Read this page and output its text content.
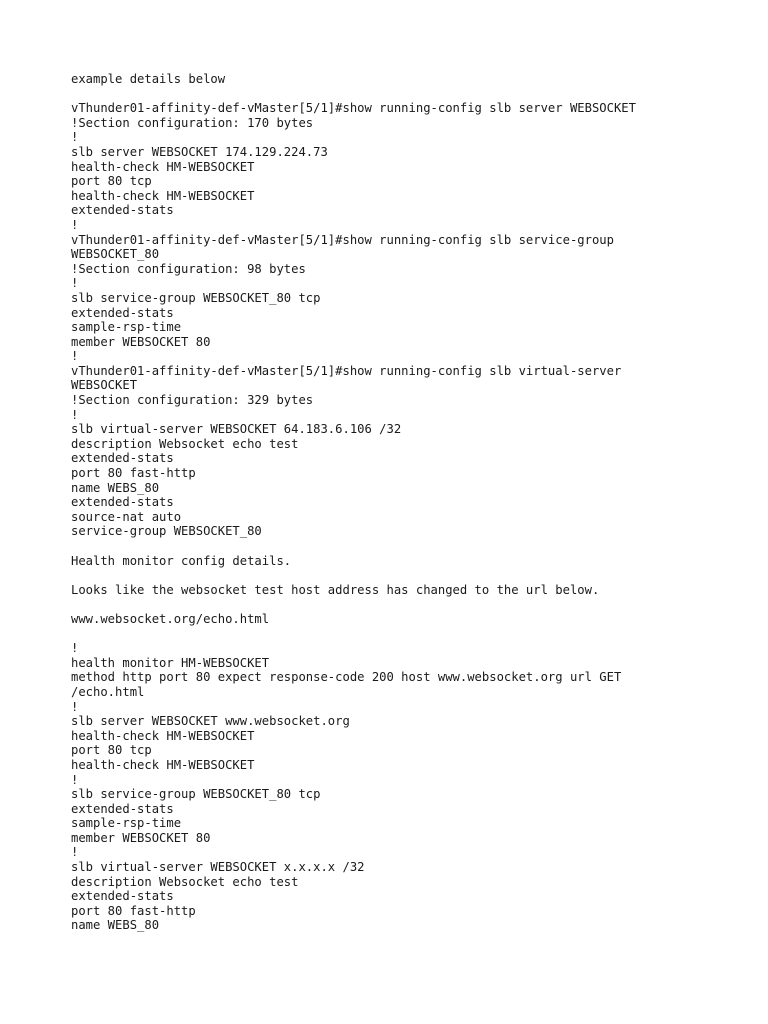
example details below
vThunder01-affinity-def-vMaster[5/1]#show running-config slb server WEBSOCKET
!Section configuration: 170 bytes
!
slb server WEBSOCKET 174.129.224.73
health-check HM-WEBSOCKET
port 80 tcp
health-check HM-WEBSOCKET
extended-stats
!
vThunder01-affinity-def-vMaster[5/1]#show running-config slb service-group
WEBSOCKET_80
!Section configuration: 98 bytes
!
slb service-group WEBSOCKET_80 tcp
extended-stats
sample-rsp-time
member WEBSOCKET 80
!
vThunder01-affinity-def-vMaster[5/1]#show running-config slb virtual-server
WEBSOCKET
!Section configuration: 329 bytes
!
slb virtual-server WEBSOCKET 64.183.6.106 /32
description Websocket echo test
extended-stats
port 80 fast-http
name WEBS_80
extended-stats
source-nat auto
service-group WEBSOCKET_80
Health monitor config details.
Looks like the websocket test host address has changed to the url below.
www.websocket.org/echo.html
!
health monitor HM-WEBSOCKET
method http port 80 expect response-code 200 host www.websocket.org url GET
/echo.html
!
slb server WEBSOCKET www.websocket.org
health-check HM-WEBSOCKET
port 80 tcp
health-check HM-WEBSOCKET
!
slb service-group WEBSOCKET_80 tcp
extended-stats
sample-rsp-time
member WEBSOCKET 80
!
slb virtual-server WEBSOCKET x.x.x.x /32
description Websocket echo test
extended-stats
port 80 fast-http
name WEBS_80
